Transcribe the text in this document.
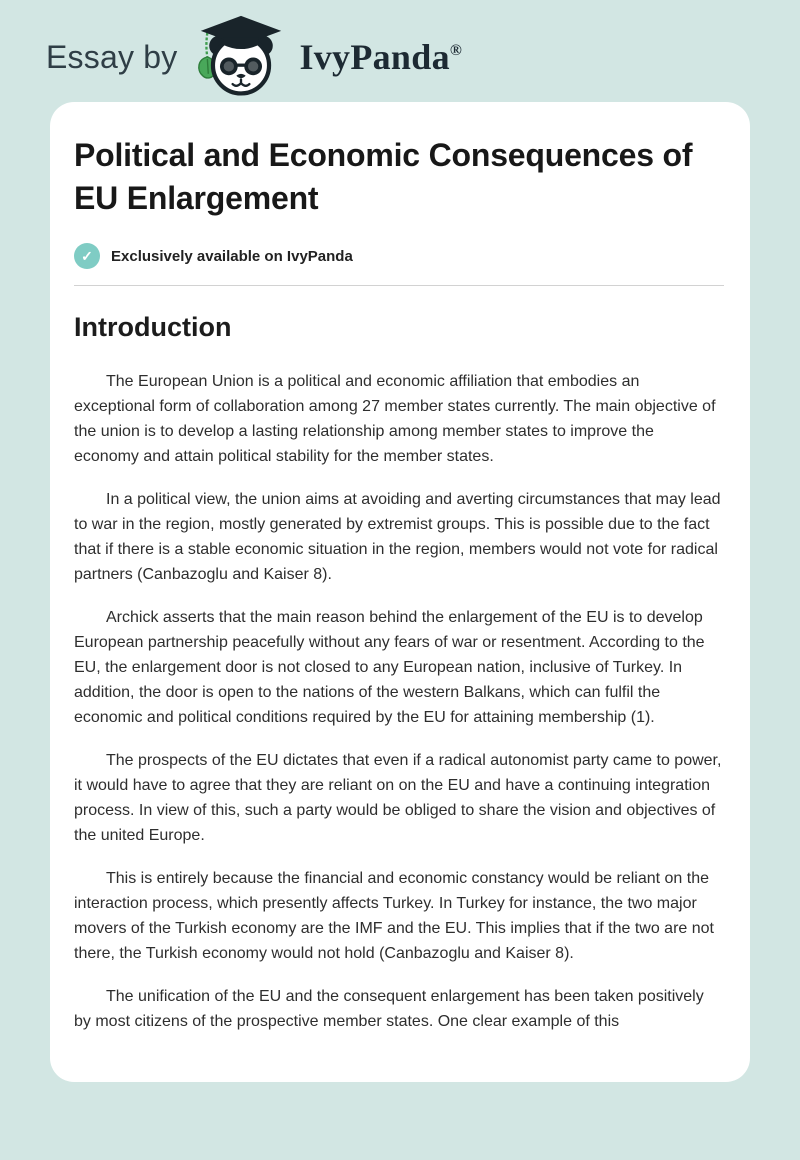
Essay by	IvyPanda®
Political and Economic Consequences of EU Enlargement
✓	Exclusively available on IvyPanda
Introduction

The European Union is a political and economic affiliation that embodies an exceptional form of collaboration among 27 member states currently. The main objective of the union is to develop a lasting relationship among member states to improve the economy and attain political stability for the member states.

In a political view, the union aims at avoiding and averting circumstances that may lead to war in the region, mostly generated by extremist groups. This is possible due to the fact that if there is a stable economic situation in the region, members would not vote for radical partners (Canbazoglu and Kaiser 8).

Archick asserts that the main reason behind the enlargement of the EU is to develop European partnership peacefully without any fears of war or resentment. According to the EU, the enlargement door is not closed to any European nation, inclusive of Turkey. In addition, the door is open to the nations of the western Balkans, which can fulfil the economic and political conditions required by the EU for attaining membership (1).

The prospects of the EU dictates that even if a radical autonomist party came to power, it would have to agree that they are reliant on on the EU and have a continuing integration process. In view of this, such a party would be obliged to share the vision and objectives of the united Europe.

This is entirely because the financial and economic constancy would be reliant on the interaction process, which presently affects Turkey. In Turkey for instance, the two major movers of the Turkish economy are the IMF and the EU. This implies that if the two are not there, the Turkish economy would not hold (Canbazoglu and Kaiser 8).

The unification of the EU and the consequent enlargement has been taken positively by most citizens of the prospective member states. One clear example of this
